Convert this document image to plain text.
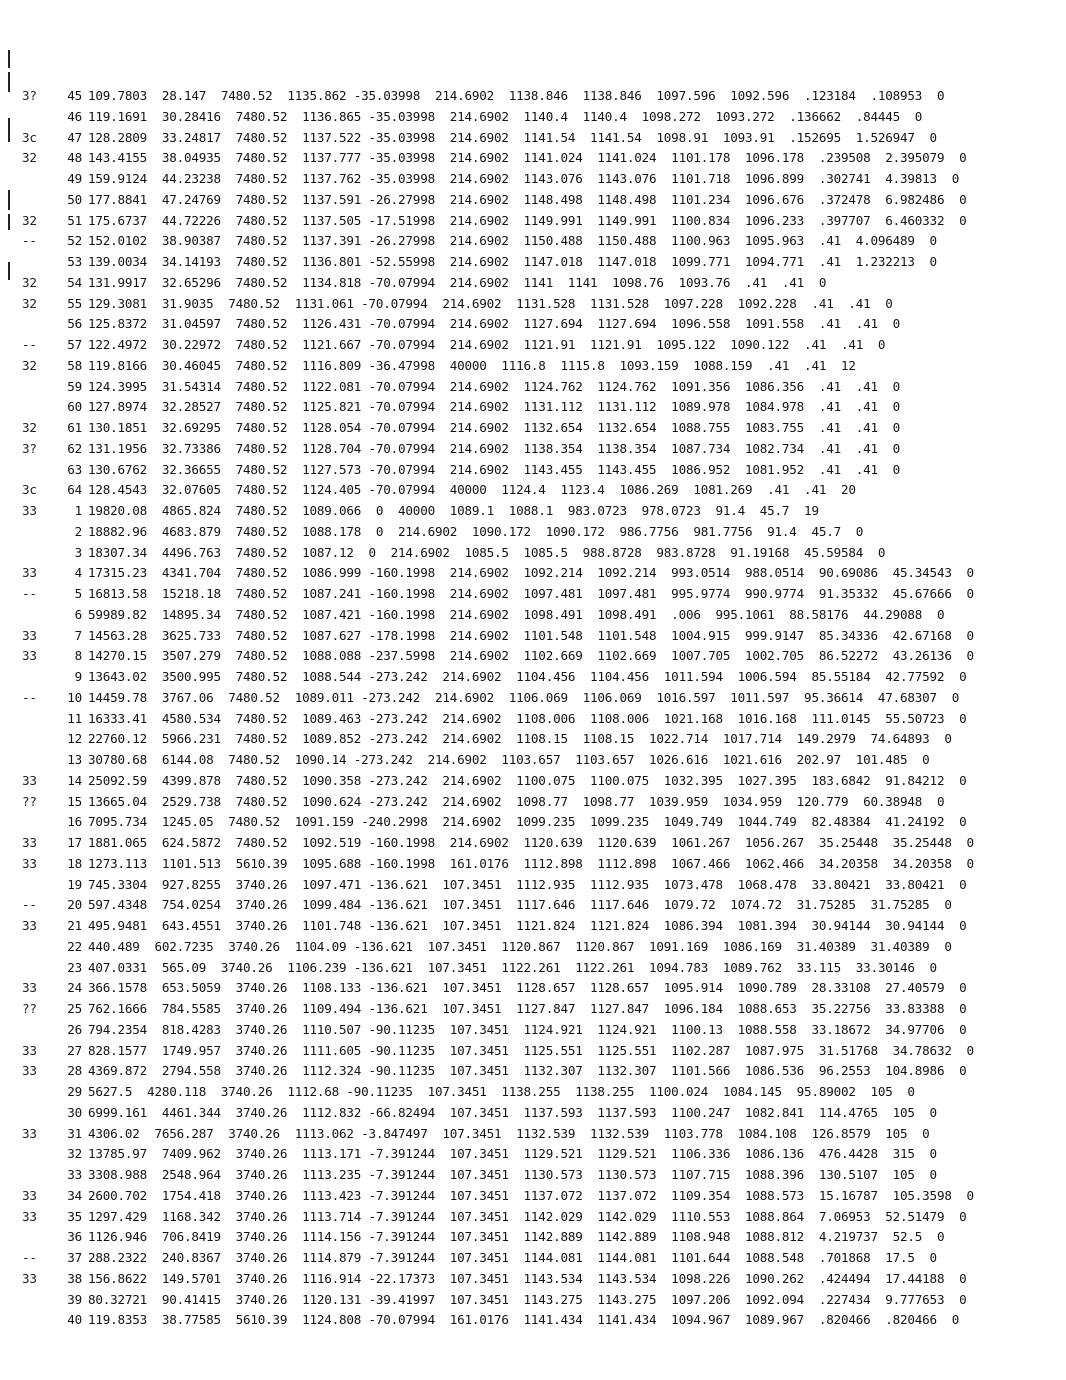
3?	45 109.7803  28.147  7480.52  1135.862 -35.03998  214.6902  1138.846  1138.846  1097.596  1092.596  .123184  .108953  0
46 119.1691  30.28416  7480.52  1136.865 -35.03998  214.6902  1140.4  1140.4  1098.272  1093.272  .136662  .84445  0
3c	47 128.2809  33.24817  7480.52  1137.522 -35.03998  214.6902  1141.54  1141.54  1098.91  1093.91  .152695  1.526947  0
32	48 143.4155  38.04935  7480.52  1137.777 -35.03998  214.6902  1141.024  1141.024  1101.178  1096.178  .239508  2.395079  0
49 159.9124  44.23238  7480.52  1137.762 -35.03998  214.6902  1143.076  1143.076  1101.718  1096.899  .302741  4.39813  0
50 177.8841  47.24769  7480.52  1137.591 -26.27998  214.6902  1148.498  1148.498  1101.234  1096.676  .372478  6.982486  0
32	51 175.6737  44.72226  7480.52  1137.505 -17.51998  214.6902  1149.991  1149.991  1100.834  1096.233  .397707  6.460332  0
--	52 152.0102  38.90387  7480.52  1137.391 -26.27998  214.6902  1150.488  1150.488  1100.963  1095.963  .41  4.096489  0
53 139.0034  34.14193  7480.52  1136.801 -52.55998  214.6902  1147.018  1147.018  1099.771  1094.771  .41  1.232213  0
32	54 131.9917  32.65296  7480.52  1134.818 -70.07994  214.6902  1141  1141  1098.76  1093.76  .41  .41  0
32	55 129.3081  31.9035  7480.52  1131.061 -70.07994  214.6902  1131.528  1131.528  1097.228  1092.228  .41  .41  0
56 125.8372  31.04597  7480.52  1126.431 -70.07994  214.6902  1127.694  1127.694  1096.558  1091.558  .41  .41  0
--	57 122.4972  30.22972  7480.52  1121.667 -70.07994  214.6902  1121.91  1121.91  1095.122  1090.122  .41  .41  0
32	58 119.8166  30.46045  7480.52  1116.809 -36.47998  40000  1116.8  1115.8  1093.159  1088.159  .41  .41  12
59 124.3995  31.54314  7480.52  1122.081 -70.07994  214.6902  1124.762  1124.762  1091.356  1086.356  .41  .41  0
60 127.8974  32.28527  7480.52  1125.821 -70.07994  214.6902  1131.112  1131.112  1089.978  1084.978  .41  .41  0
32	61 130.1851  32.69295  7480.52  1128.054 -70.07994  214.6902  1132.654  1132.654  1088.755  1083.755  .41  .41  0
3?	62 131.1956  32.73386  7480.52  1128.704 -70.07994  214.6902  1138.354  1138.354  1087.734  1082.734  .41  .41  0
63 130.6762  32.36655  7480.52  1127.573 -70.07994  214.6902  1143.455  1143.455  1086.952  1081.952  .41  .41  0
3c	64 128.4543  32.07605  7480.52  1124.405 -70.07994  40000  1124.4  1123.4  1086.269  1081.269  .41  .41  20
33	1 19820.08  4865.824  7480.52  1089.066  0  40000  1089.1  1088.1  983.0723  978.0723  91.4  45.7  19
2 18882.96  4683.879  7480.52  1088.178  0  214.6902  1090.172  1090.172  986.7756  981.7756  91.4  45.7  0
3 18307.34  4496.763  7480.52  1087.12  0  214.6902  1085.5  1085.5  988.8728  983.8728  91.19168  45.59584  0
33	4 17315.23  4341.704  7480.52  1086.999 -160.1998  214.6902  1092.214  1092.214  993.0514  988.0514  90.69086  45.34543  0
--	5 16813.58  15218.18  7480.52  1087.241 -160.1998  214.6902  1097.481  1097.481  995.9774  990.9774  91.35332  45.67666  0
6 59989.82  14895.34  7480.52  1087.421 -160.1998  214.6902  1098.491  1098.491  .006  995.1061  88.58176  44.29088  0
33	7 14563.28  3625.733  7480.52  1087.627 -178.1998  214.6902  1101.548  1101.548  1004.915  999.9147  85.34336  42.67168  0
33	8 14270.15  3507.279  7480.52  1088.088 -237.5998  214.6902  1102.669  1102.669  1007.705  1002.705  86.52272  43.26136  0
9 13643.02  3500.995  7480.52  1088.544 -273.242  214.6902  1104.456  1104.456  1011.594  1006.594  85.55184  42.77592  0
--	10 14459.78  3767.06  7480.52  1089.011 -273.242  214.6902  1106.069  1106.069  1016.597  1011.597  95.36614  47.68307  0
11 16333.41  4580.534  7480.52  1089.463 -273.242  214.6902  1108.006  1108.006  1021.168  1016.168  111.0145  55.50723  0
12 22760.12  5966.231  7480.52  1089.852 -273.242  214.6902  1108.15  1108.15  1022.714  1017.714  149.2979  74.64893  0
13 30780.68  6144.08  7480.52  1090.14 -273.242  214.6902  1103.657  1103.657  1026.616  1021.616  202.97  101.485  0
33	14 25092.59  4399.878  7480.52  1090.358 -273.242  214.6902  1100.075  1100.075  1032.395  1027.395  183.6842  91.84212  0
??	15 13665.04  2529.738  7480.52  1090.624 -273.242  214.6902  1098.77  1098.77  1039.959  1034.959  120.779  60.38948  0
16 7095.734  1245.05  7480.52  1091.159 -240.2998  214.6902  1099.235  1099.235  1049.749  1044.749  82.48384  41.24192  0
33	17 1881.065  624.5872  7480.52  1092.519 -160.1998  214.6902  1120.639  1120.639  1061.267  1056.267  35.25448  35.25448  0
33	18 1273.113  1101.513  5610.39  1095.688 -160.1998  161.0176  1112.898  1112.898  1067.466  1062.466  34.20358  34.20358  0
19 745.3304  927.8255  3740.26  1097.471 -136.621  107.3451  1112.935  1112.935  1073.478  1068.478  33.80421  33.80421  0
--	20 597.4348  754.0254  3740.26  1099.484 -136.621  107.3451  1117.646  1117.646  1079.72  1074.72  31.75285  31.75285  0
33	21 495.9481  643.4551  3740.26  1101.748 -136.621  107.3451  1121.824  1121.824  1086.394  1081.394  30.94144  30.94144  0
22 440.489  602.7235  3740.26  1104.09 -136.621  107.3451  1120.867  1120.867  1091.169  1086.169  31.40389  31.40389  0
23 407.0331  565.09  3740.26  1106.239 -136.621  107.3451  1122.261  1122.261  1094.783  1089.762  33.115  33.30146  0
33	24 366.1578  653.5059  3740.26  1108.133 -136.621  107.3451  1128.657  1128.657  1095.914  1090.789  28.33108  27.40579  0
??	25 762.1666  784.5585  3740.26  1109.494 -136.621  107.3451  1127.847  1127.847  1096.184  1088.653  35.22756  33.83388  0
26 794.2354  818.4283  3740.26  1110.507 -90.11235  107.3451  1124.921  1124.921  1100.13  1088.558  33.18672  34.97706  0
33	27 828.1577  1749.957  3740.26  1111.605 -90.11235  107.3451  1125.551  1125.551  1102.287  1087.975  31.51768  34.78632  0
33	28 4369.872  2794.558  3740.26  1112.324 -90.11235  107.3451  1132.307  1132.307  1101.566  1086.536  96.2553  104.8986  0
29 5627.5  4280.118  3740.26  1112.68 -90.11235  107.3451  1138.255  1138.255  1100.024  1084.145  95.89002  105  0
30 6999.161  4461.344  3740.26  1112.832 -66.82494  107.3451  1137.593  1137.593  1100.247  1082.841  114.4765  105  0
33	31 4306.02  7656.287  3740.26  1113.062 -3.847497  107.3451  1132.539  1132.539  1103.778  1084.108  126.8579  105  0
32 13785.97  7409.962  3740.26  1113.171 -7.391244  107.3451  1129.521  1129.521  1106.336  1086.136  476.4428  315  0
33 3308.988  2548.964  3740.26  1113.235 -7.391244  107.3451  1130.573  1130.573  1107.715  1088.396  130.5107  105  0
33	34 2600.702  1754.418  3740.26  1113.423 -7.391244  107.3451  1137.072  1137.072  1109.354  1088.573  15.16787  105.3598  0
33	35 1297.429  1168.342  3740.26  1113.714 -7.391244  107.3451  1142.029  1142.029  1110.553  1088.864  7.06953  52.51479  0
36 1126.946  706.8419  3740.26  1114.156 -7.391244  107.3451  1142.889  1142.889  1108.948  1088.812  4.219737  52.5  0
--	37 288.2322  240.8367  3740.26  1114.879 -7.391244  107.3451  1144.081  1144.081  1101.644  1088.548  .701868  17.5  0
33	38 156.8622  149.5701  3740.26  1116.914 -22.17373  107.3451  1143.534  1143.534  1098.226  1090.262  .424494  17.44188  0
39 80.32721  90.41415  3740.26  1120.131 -39.41997  107.3451  1143.275  1143.275  1097.206  1092.094  .227434  9.777653  0
40 119.8353  38.77585  5610.39  1124.808 -70.07994  161.0176  1141.434  1141.434  1094.967  1089.967  .820466  .820466  0
